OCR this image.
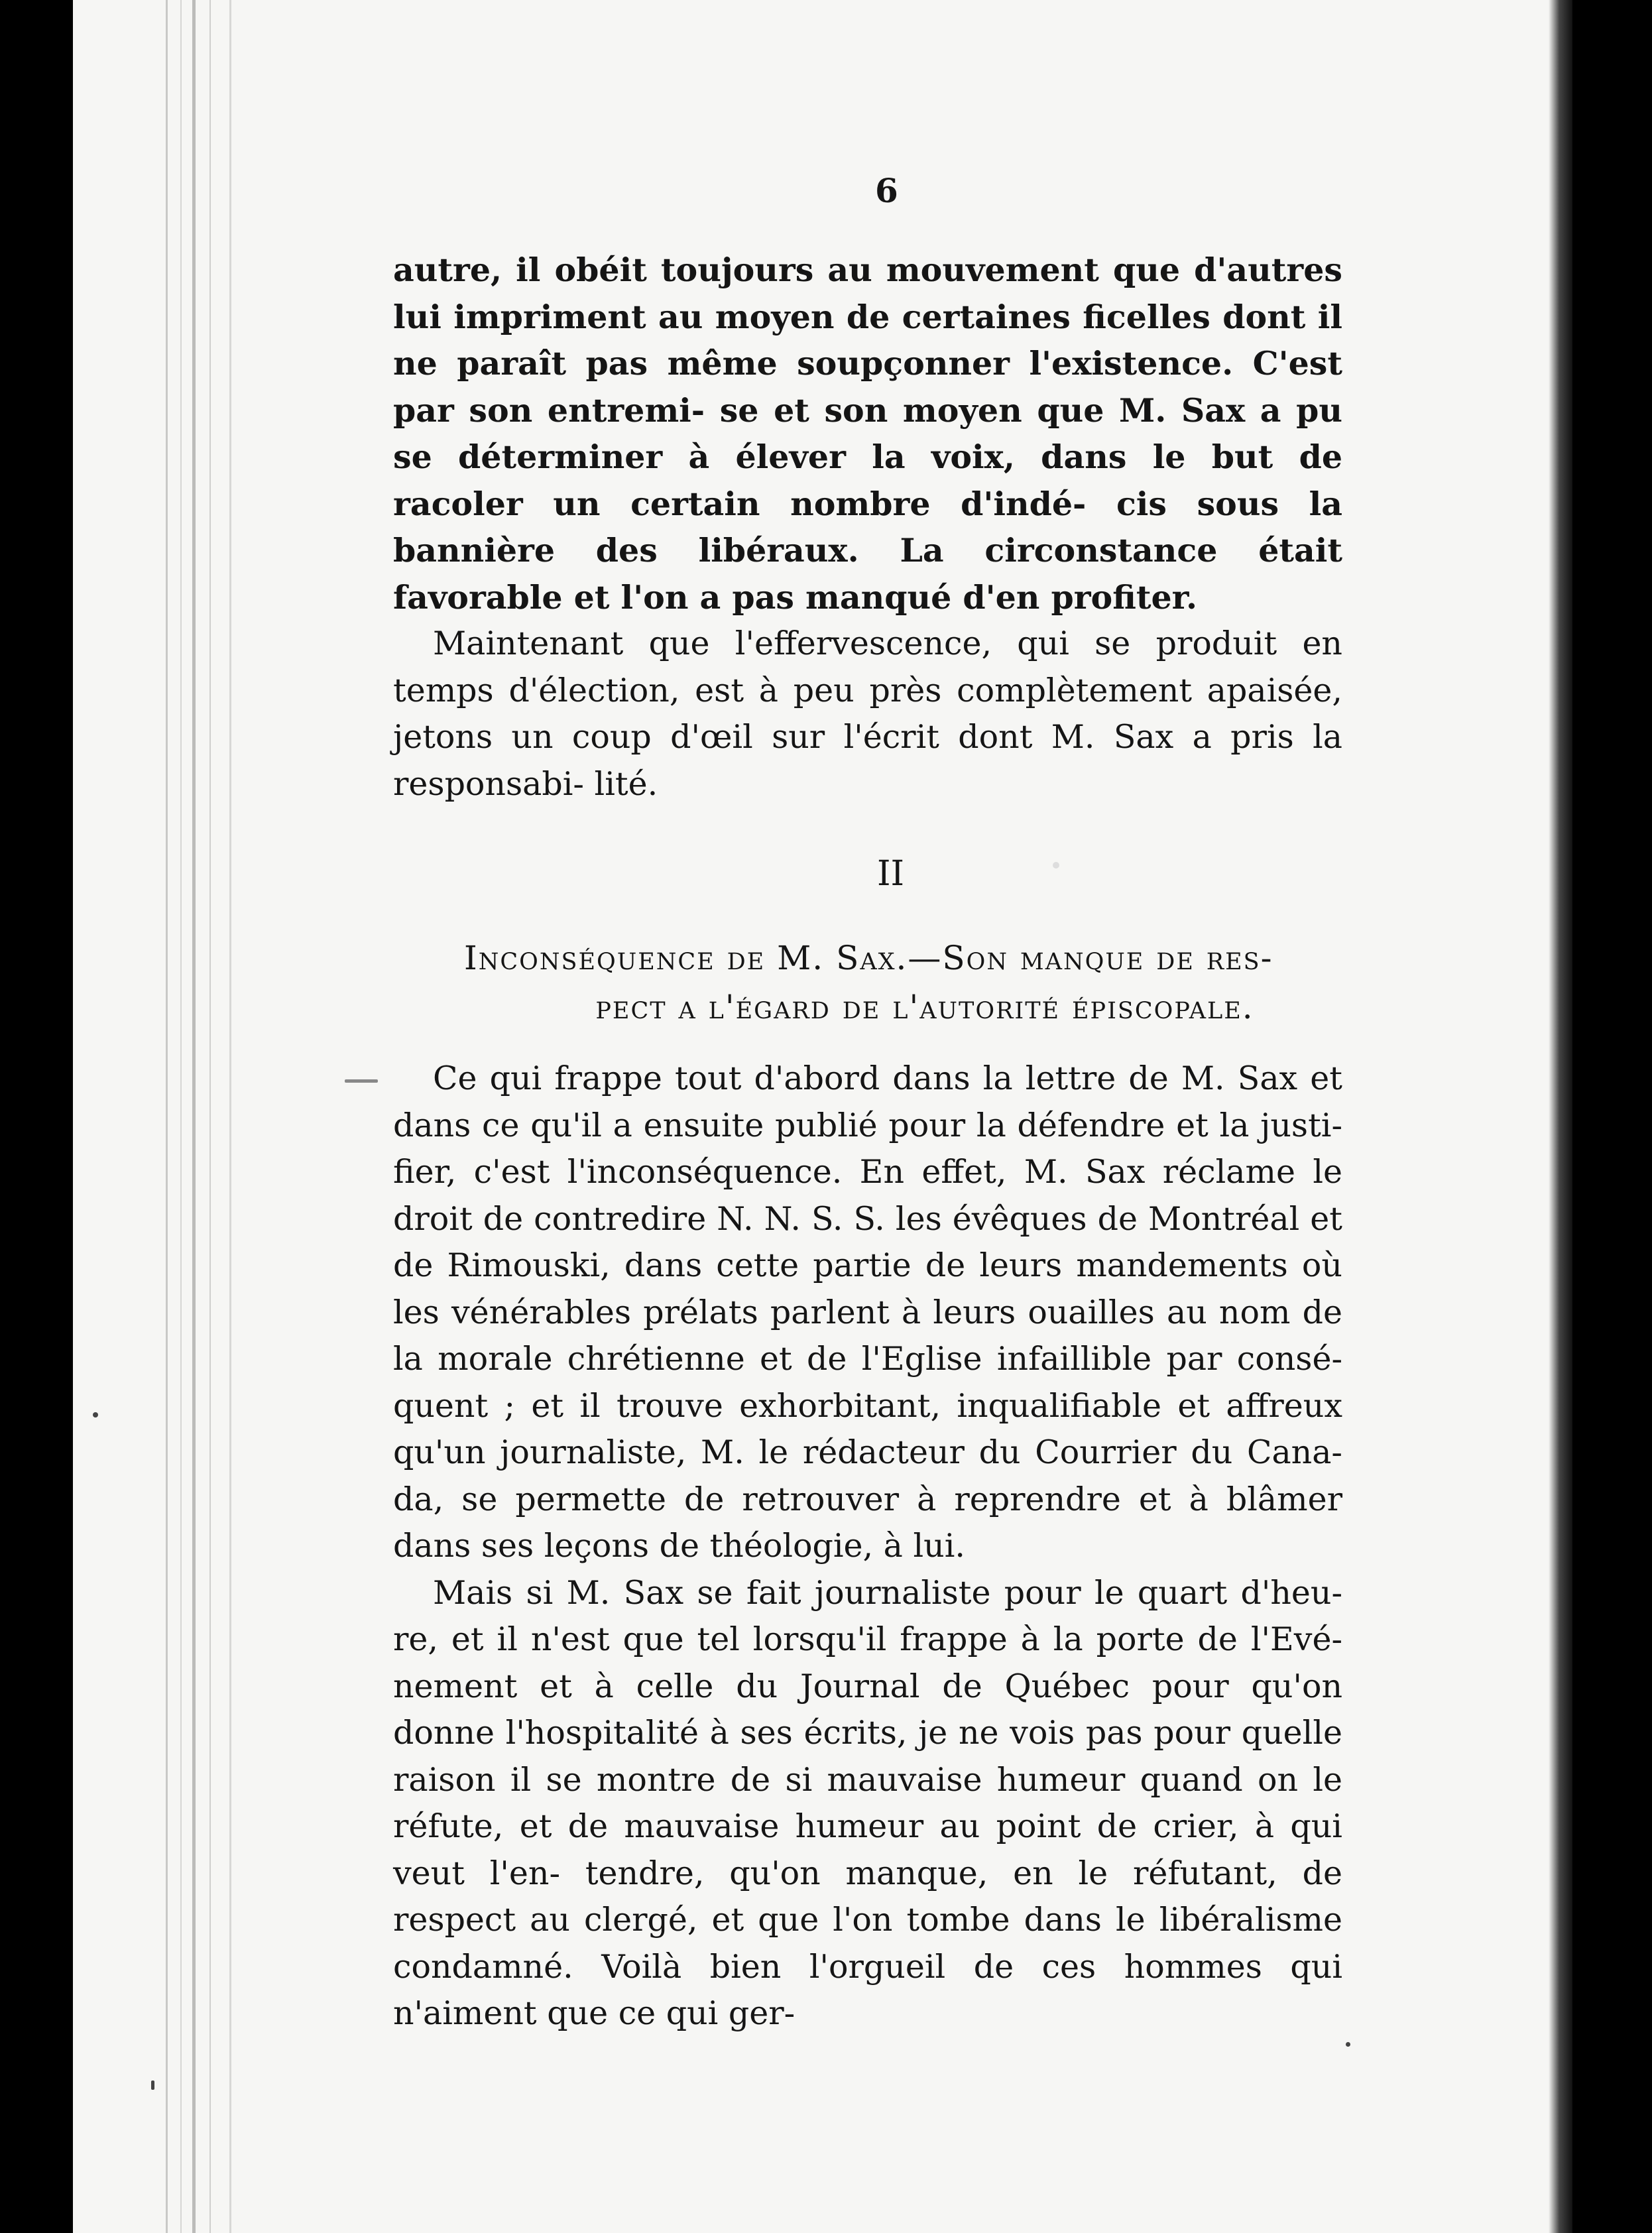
6

autre, il obéit toujours au mouvement que d'autres lui impriment au moyen de certaines ficelles dont il ne paraît pas même soupçonner l'existence. C'est par son entremi- se et son moyen que M. Sax a pu se déterminer à élever la voix, dans le but de racoler un certain nombre d'indé- cis sous la bannière des libéraux. La circonstance était favorable et l'on a pas manqué d'en profiter.

Maintenant que l'effervescence, qui se produit en temps d'élection, est à peu près complètement apaisée, jetons un coup d'œil sur l'écrit dont M. Sax a pris la responsabi- lité.

II
Inconséquence de M. Sax.—Son manque de res-
pect a l'égard de l'autorité épiscopale.

Ce qui frappe tout d'abord dans la lettre de M. Sax et dans ce qu'il a ensuite publié pour la défendre et la justi- fier, c'est l'inconséquence. En effet, M. Sax réclame le droit de contredire N. N. S. S. les évêques de Montréal et de Rimouski, dans cette partie de leurs mandements où les vénérables prélats parlent à leurs ouailles au nom de la morale chrétienne et de l'Eglise infaillible par consé- quent ; et il trouve exhorbitant, inqualifiable et affreux qu'un journaliste, M. le rédacteur du Courrier du Cana- da, se permette de retrouver à reprendre et à blâmer dans ses leçons de théologie, à lui.

Mais si M. Sax se fait journaliste pour le quart d'heu- re, et il n'est que tel lorsqu'il frappe à la porte de l'Evé- nement et à celle du Journal de Québec pour qu'on donne l'hospitalité à ses écrits, je ne vois pas pour quelle raison il se montre de si mauvaise humeur quand on le réfute, et de mauvaise humeur au point de crier, à qui veut l'en- tendre, qu'on manque, en le réfutant, de respect au clergé, et que l'on tombe dans le libéralisme condamné. Voilà bien l'orgueil de ces hommes qui n'aiment que ce qui ger-
